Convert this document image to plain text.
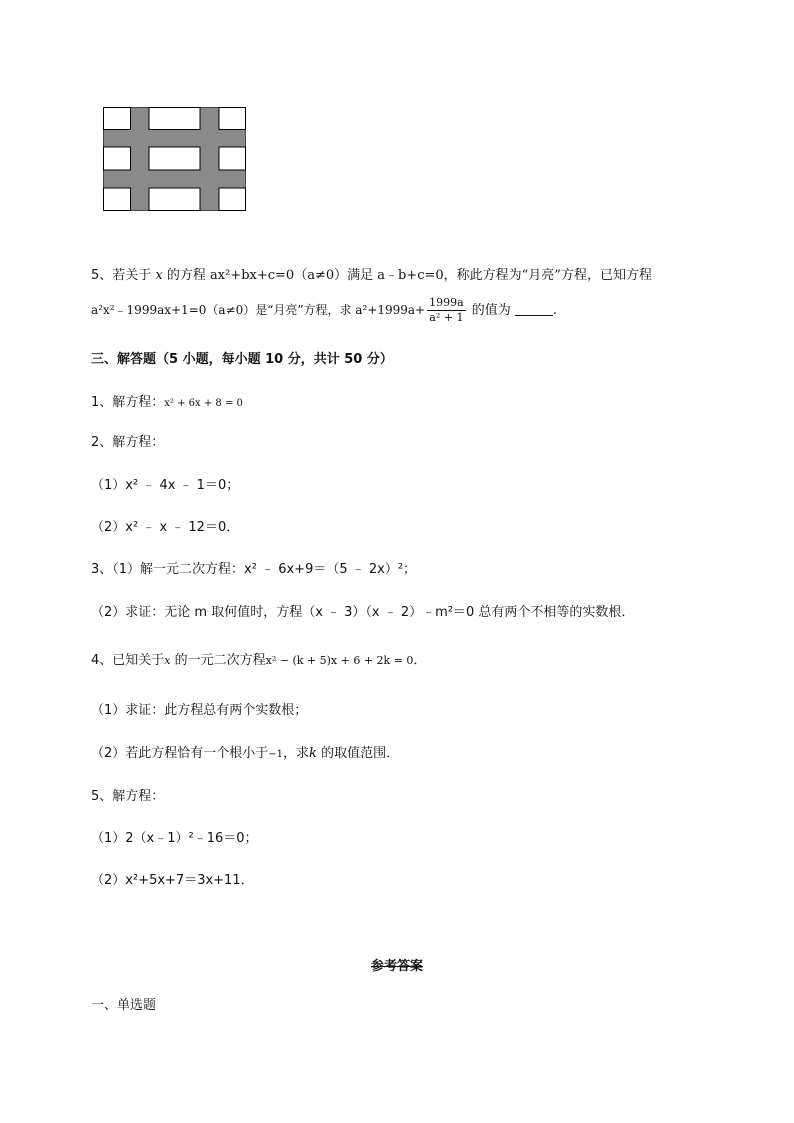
5、若关于 x 的方程 ax²+bx+c=0（a≠0）满足 a﹣b+c=0，称此方程为“月亮”方程，已知方程
a²x²﹣1999ax+1=0（a≠0）是“月亮”方程，求 $a^2+1999a+ \frac{1999a}{\text{a² + 1}}$ 的值为	.
三、解答题（5 小题，每小题 10 分，共计 50 分）
1、解方程：x² + 6x + 8 = 0
2、解方程：
（1）x² ﹣ 4x ﹣ 1＝0；
（2）x² ﹣ x ﹣ 12＝0．
3、（1）解一元二次方程：x² ﹣ 6x+9＝（5 ﹣ 2x）²；
（2）求证：无论 m 取何值时，方程（x ﹣ 3）（x ﹣ 2）﹣m²＝0 总有两个不相等的实数根．
4、已知关于x 的一元二次方程x² − (k + 5)x + 6 + 2k = 0．
（1）求证：此方程总有两个实数根；
（2）若此方程恰有一个根小于−1，求k 的取值范围．
5、解方程：
（1）2（x﹣1）²﹣16＝0；
（2）x²+5x+7＝3x+11．
参考答案
一、单选题
